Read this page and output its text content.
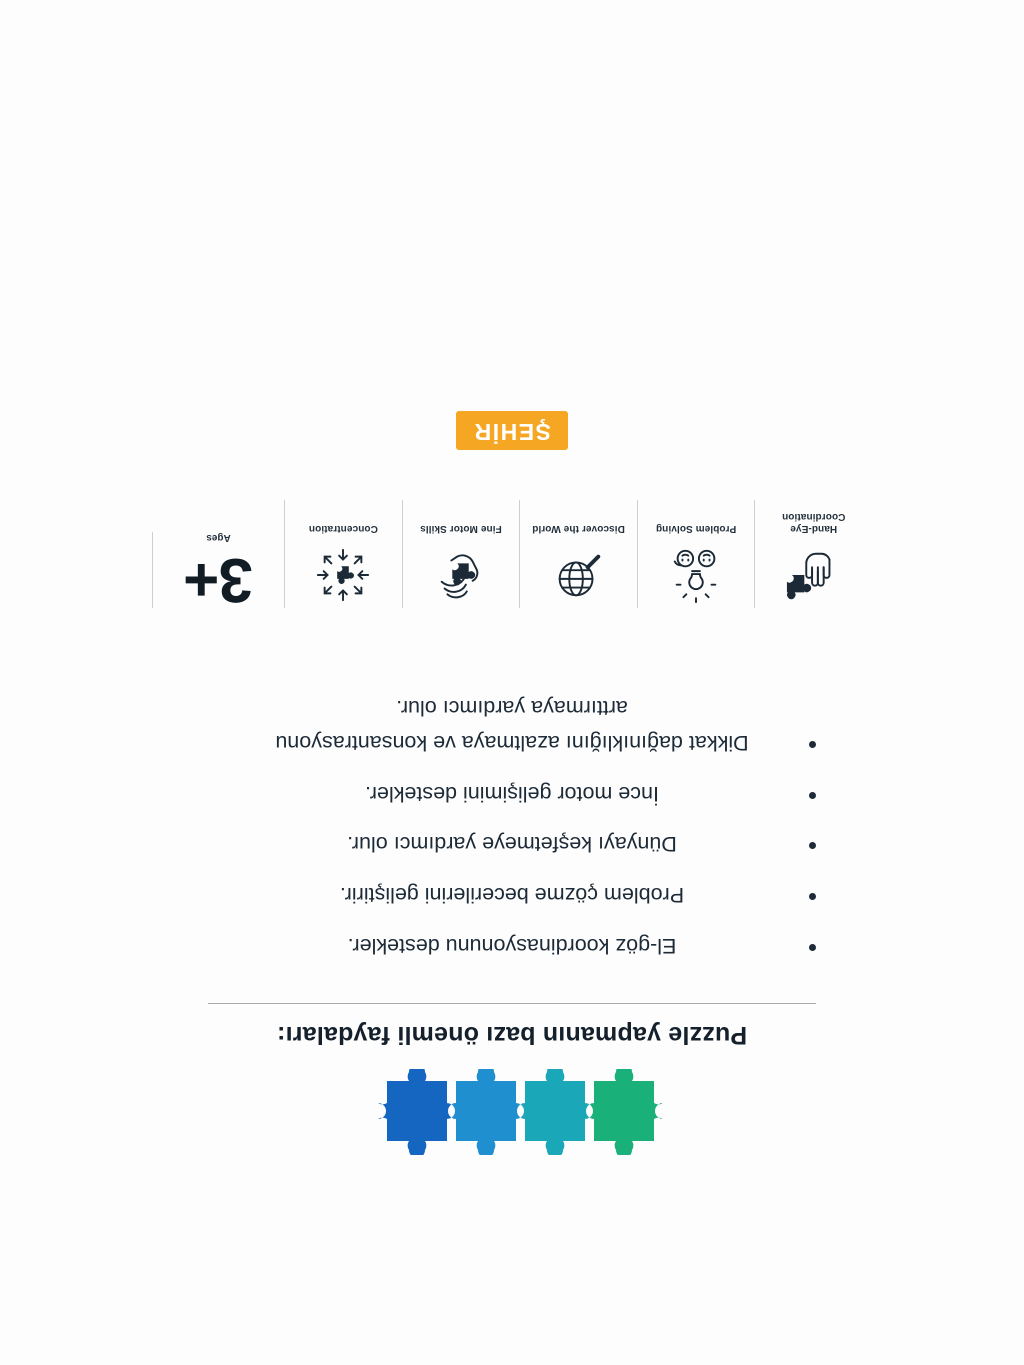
Puzzle yapmanın bazı önemli faydaları:
El-göz koordinasyonunu destekler.
Problem çözme becerilerini geliştirir.
Dünyayı keşfetmeye yardımcı olur.
İnce motor gelişimini destekler.
Dikkat dağınıklığını azaltmaya ve konsantrasyonu arttırmaya yardımcı olur.
Hand-Eye Coordination
Problem Solving
Discover the World
Fine Motor Skills
Concentration
3+
Ages
ŞEHİR
